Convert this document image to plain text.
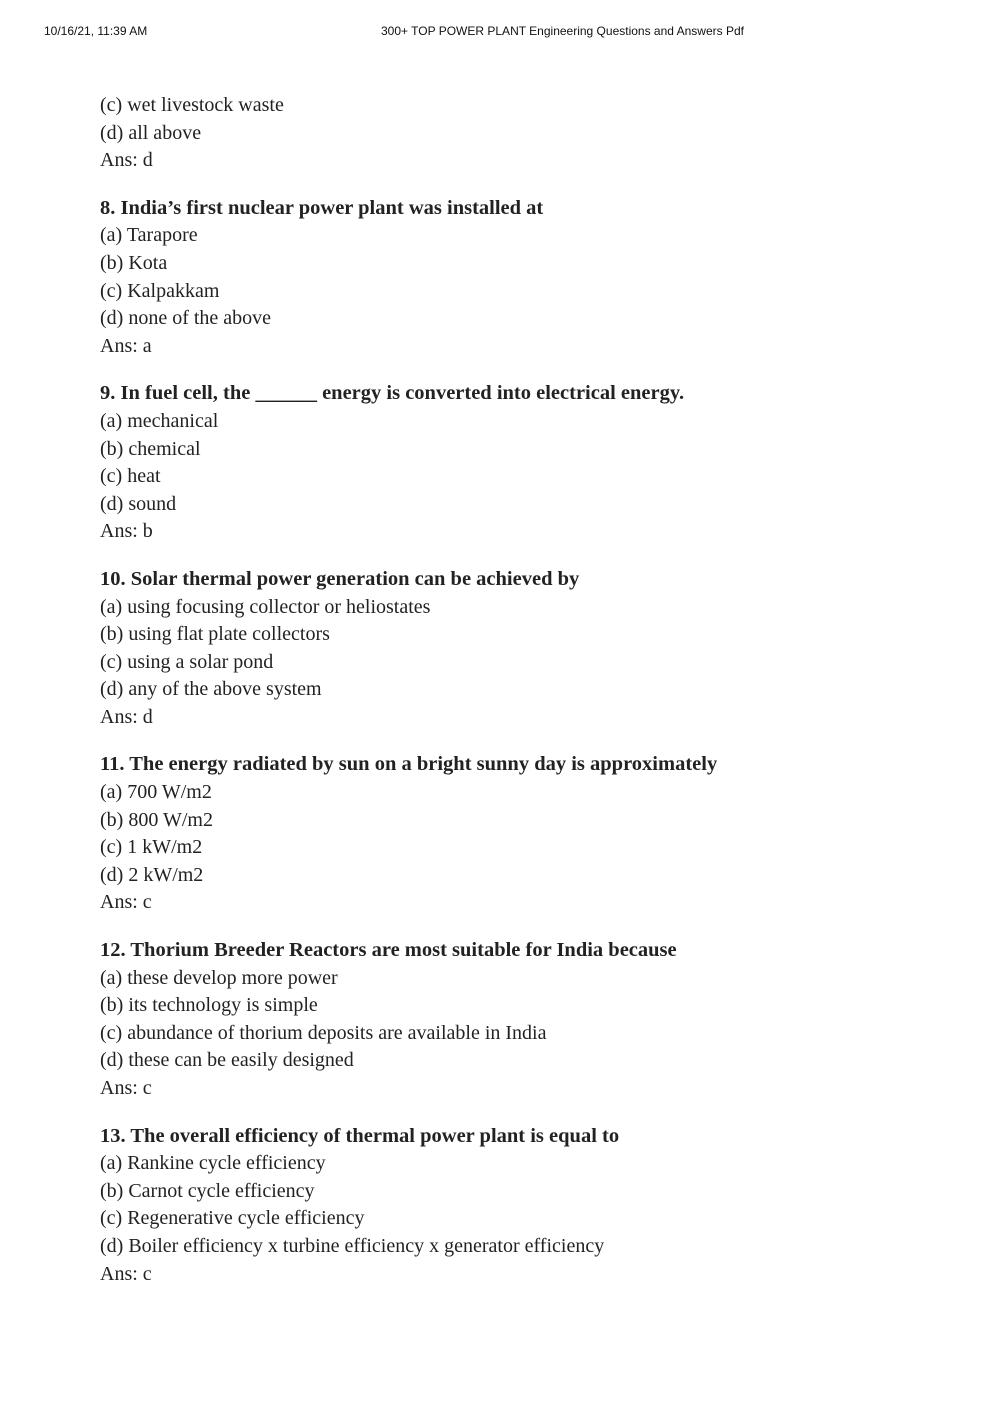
10/16/21, 11:39 AM	300+ TOP POWER PLANT Engineering Questions and Answers Pdf
(c) wet livestock waste
(d) all above
Ans: d
8. India’s first nuclear power plant was installed at
(a) Tarapore
(b) Kota
(c) Kalpakkam
(d) none of the above
Ans: a
9. In fuel cell, the ______ energy is converted into electrical energy.
(a) mechanical
(b) chemical
(c) heat
(d) sound
Ans: b
10. Solar thermal power generation can be achieved by
(a) using focusing collector or heliostates
(b) using flat plate collectors
(c) using a solar pond
(d) any of the above system
Ans: d
11. The energy radiated by sun on a bright sunny day is approximately
(a) 700 W/m2
(b) 800 W/m2
(c) 1 kW/m2
(d) 2 kW/m2
Ans: c
12. Thorium Breeder Reactors are most suitable for India because
(a) these develop more power
(b) its technology is simple
(c) abundance of thorium deposits are available in India
(d) these can be easily designed
Ans: c
13. The overall efficiency of thermal power plant is equal to
(a) Rankine cycle efficiency
(b) Carnot cycle efficiency
(c) Regenerative cycle efficiency
(d) Boiler efficiency x turbine efficiency x generator efficiency
Ans: c
